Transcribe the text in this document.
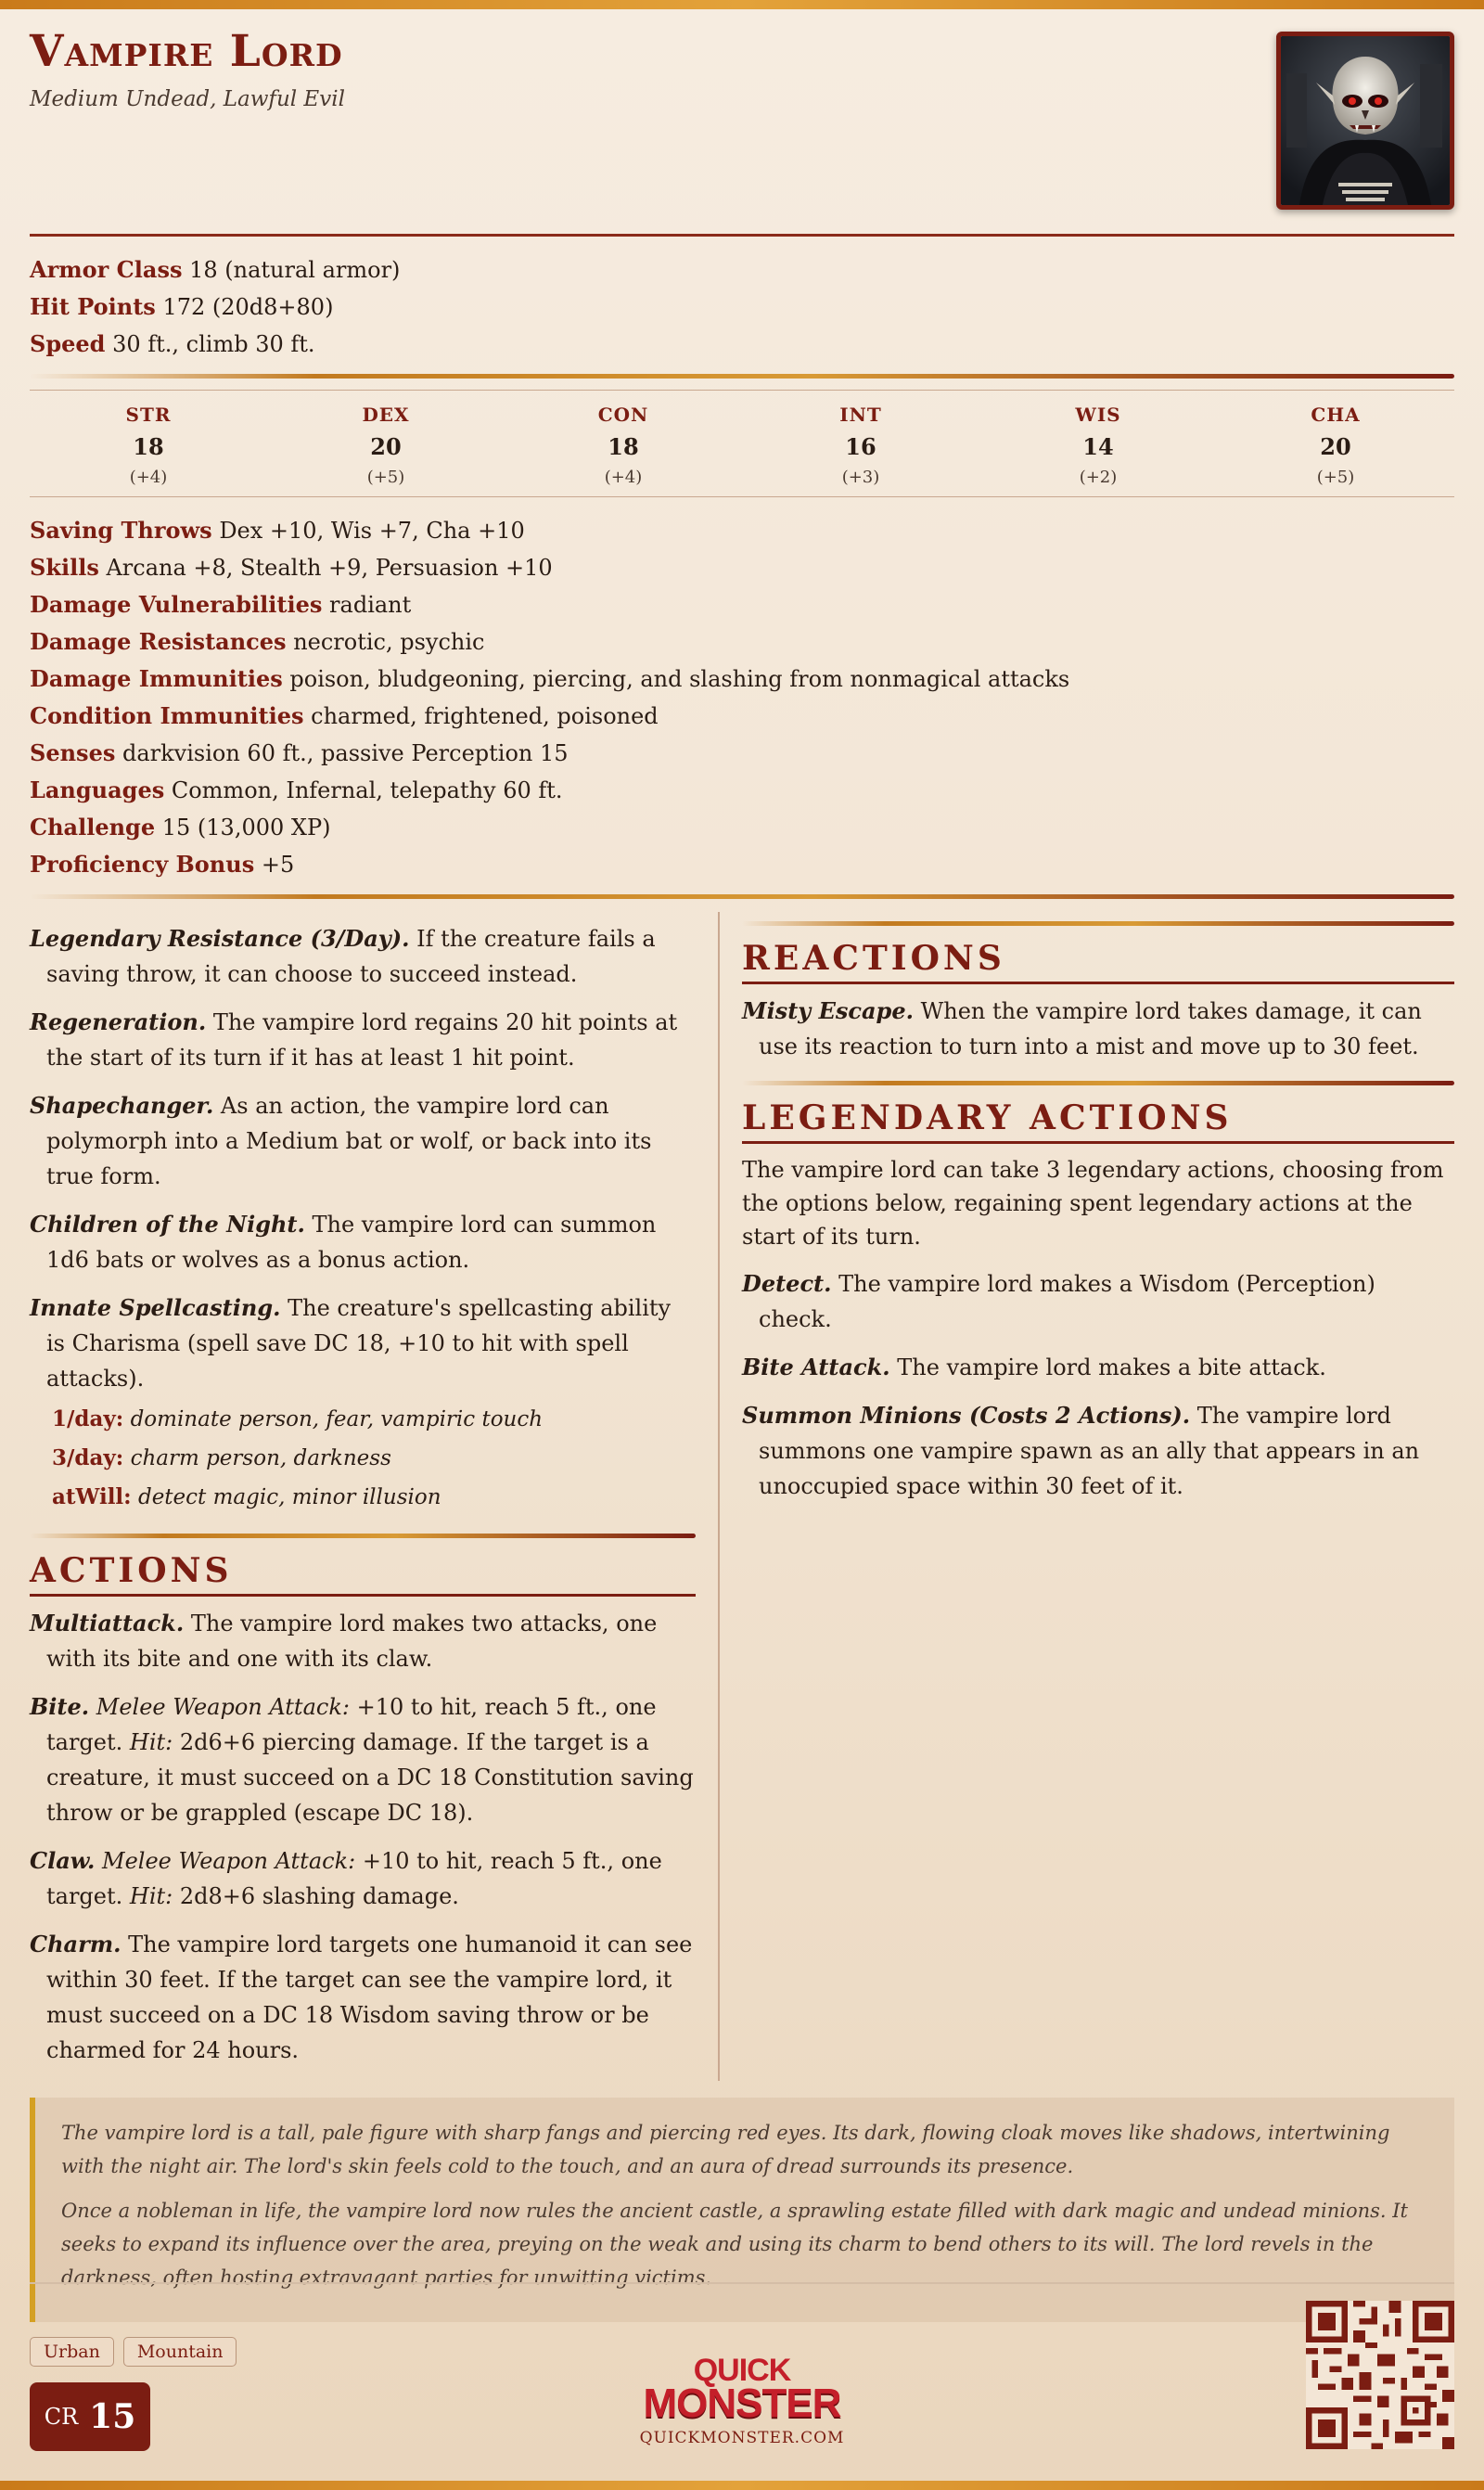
Vampire Lord
Medium Undead, Lawful Evil
Armor Class 18 (natural armor)
Hit Points 172 (20d8+80)
Speed 30 ft., climb 30 ft.
STR
18
(+4)
DEX
20
(+5)
CON
18
(+4)
INT
16
(+3)
WIS
14
(+2)
CHA
20
(+5)
Saving Throws Dex +10, Wis +7, Cha +10
Skills Arcana +8, Stealth +9, Persuasion +10
Damage Vulnerabilities radiant
Damage Resistances necrotic, psychic
Damage Immunities poison, bludgeoning, piercing, and slashing from nonmagical attacks
Condition Immunities charmed, frightened, poisoned
Senses darkvision 60 ft., passive Perception 15
Languages Common, Infernal, telepathy 60 ft.
Challenge 15 (13,000 XP)
Proficiency Bonus +5
Legendary Resistance (3/Day). If the creature fails a saving throw, it can choose to succeed instead.
Regeneration. The vampire lord regains 20 hit points at the start of its turn if it has at least 1 hit point.
Shapechanger. As an action, the vampire lord can polymorph into a Medium bat or wolf, or back into its true form.
Children of the Night. The vampire lord can summon 1d6 bats or wolves as a bonus action.
Innate Spellcasting. The creature's spellcasting ability is Charisma (spell save DC 18, +10 to hit with spell attacks).
1/day: dominate person, fear, vampiric touch
3/day: charm person, darkness
atWill: detect magic, minor illusion
ACTIONS
Multiattack. The vampire lord makes two attacks, one with its bite and one with its claw.
Bite. Melee Weapon Attack: +10 to hit, reach 5 ft., one target. Hit: 2d6+6 piercing damage. If the target is a creature, it must succeed on a DC 18 Constitution saving throw or be grappled (escape DC 18).
Claw. Melee Weapon Attack: +10 to hit, reach 5 ft., one target. Hit: 2d8+6 slashing damage.
Charm. The vampire lord targets one humanoid it can see within 30 feet. If the target can see the vampire lord, it must succeed on a DC 18 Wisdom saving throw or be charmed for 24 hours.
REACTIONS
Misty Escape. When the vampire lord takes damage, it can use its reaction to turn into a mist and move up to 30 feet.
LEGENDARY ACTIONS
The vampire lord can take 3 legendary actions, choosing from the options below, regaining spent legendary actions at the start of its turn.
Detect. The vampire lord makes a Wisdom (Perception) check.
Bite Attack. The vampire lord makes a bite attack.
Summon Minions (Costs 2 Actions). The vampire lord summons one vampire spawn as an ally that appears in an unoccupied space within 30 feet of it.

The vampire lord is a tall, pale figure with sharp fangs and piercing red eyes. Its dark, flowing cloak moves like shadows, intertwining with the night air. The lord's skin feels cold to the touch, and an aura of dread surrounds its presence.

Once a nobleman in life, the vampire lord now rules the ancient castle, a sprawling estate filled with dark magic and undead minions. It seeks to expand its influence over the area, preying on the weak and using its charm to bend others to its will. The lord revels in the darkness, often hosting extravagant parties for unwitting victims.

Urban	Mountain
CR 15
QUICK
MONSTER
QUICKMONSTER.COM
